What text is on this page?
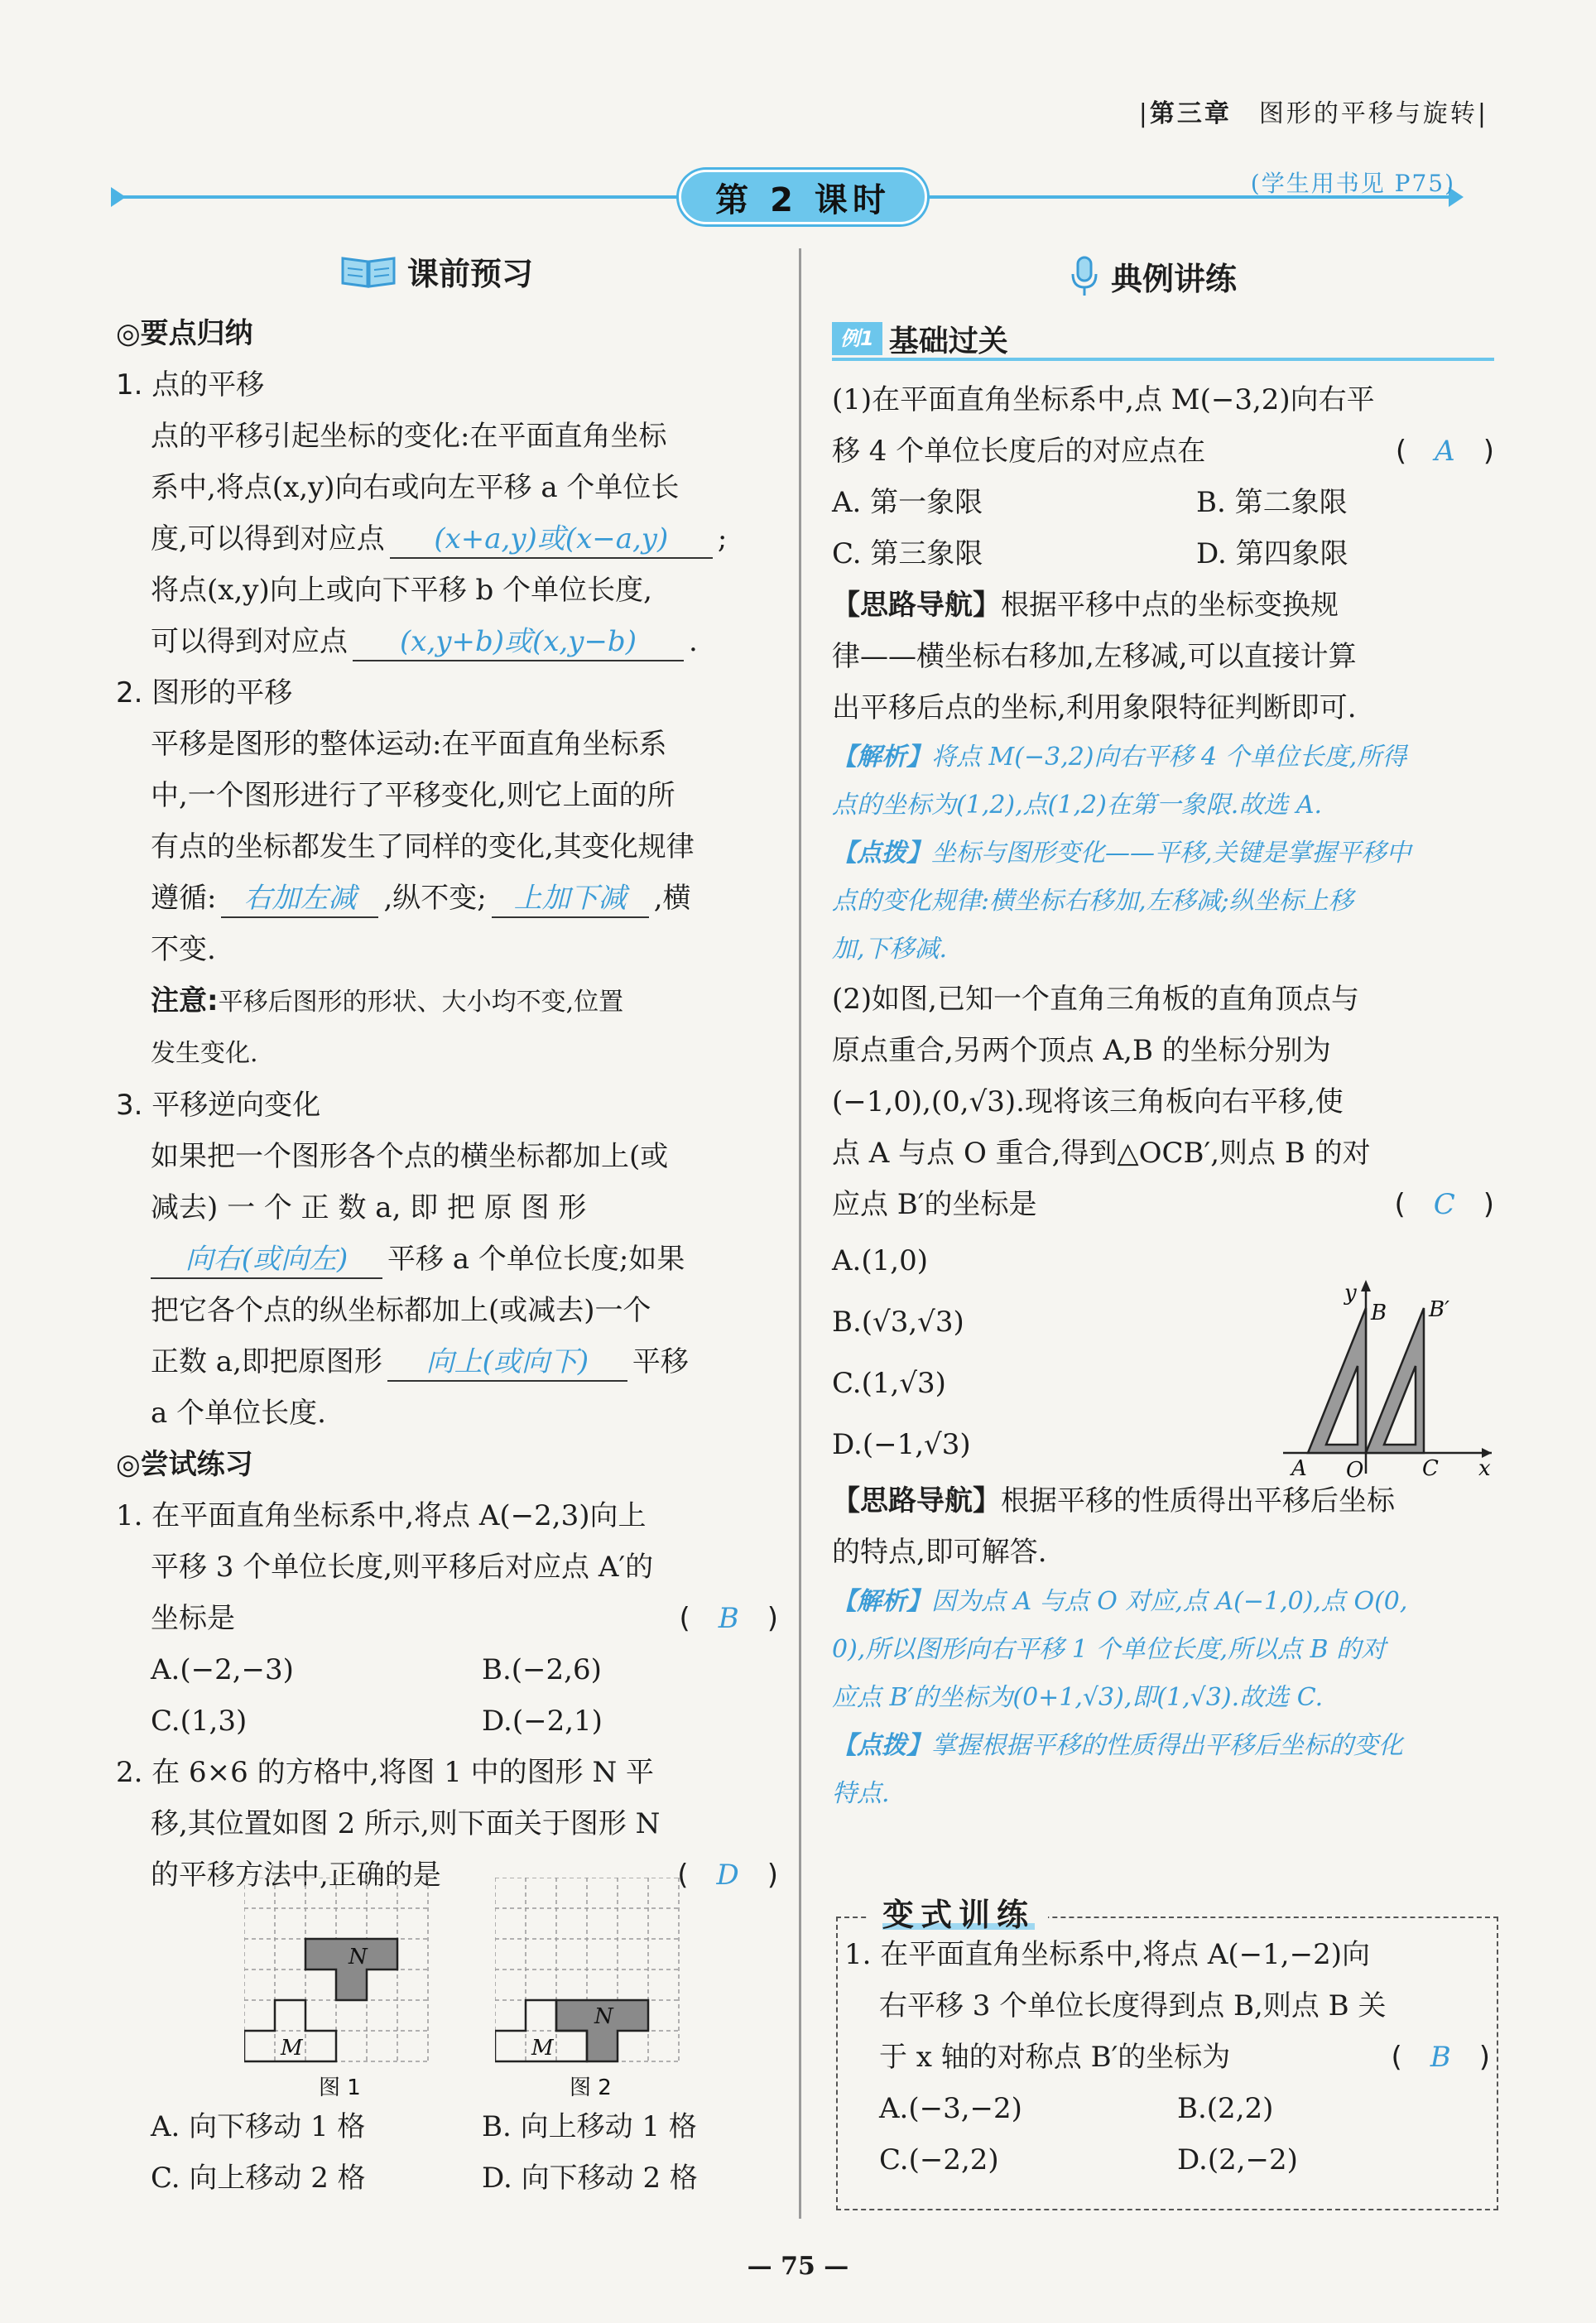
|第三章　 图形的平移与旋转|
第 2 课时	(学生用书见 P75)
课前预习
◎要点归纳
1. 点的平移
点的平移引起坐标的变化:在平面直角坐标
系中,将点(x,y)向右或向左平移 a 个单位长
度,可以得到对应点 (x+a,y)或(x−a,y) ;
将点(x,y)向上或向下平移 b 个单位长度,
可以得到对应点 (x,y+b)或(x,y−b) .
2. 图形的平移
平移是图形的整体运动:在平面直角坐标系
中,一个图形进行了平移变化,则它上面的所
有点的坐标都发生了同样的变化,其变化规律
遵循: 右加左减 ,纵不变; 上加下减 ,横
不变.
注意:平移后图形的形状、大小均不变,位置
发生变化.
3. 平移逆向变化
如果把一个图形各个点的横坐标都加上(或
减去) 一 个 正 数 a, 即 把 原 图 形
向右(或向左) 平移 a 个单位长度;如果
把它各个点的纵坐标都加上(或减去)一个
正数 a,即把原图形 向上(或向下) 平移
a 个单位长度.
◎尝试练习
1. 在平面直角坐标系中,将点 A(−2,3)向上
平移 3 个单位长度,则平移后对应点 A′的
坐标是	(　B　)
A.(−2,−3)	B.(−2,6)
C.(1,3)	D.(−2,1)
2. 在 6×6 的方格中,将图 1 中的图形 N 平
移,其位置如图 2 所示,则下面关于图形 N
的平移方法中,正确的是	(　D　)
N
M
图 1
N
M
图 2
A. 向下移动 1 格	B. 向上移动 1 格
C. 向上移动 2 格	D. 向下移动 2 格
典例讲练
例1 基础过关
(1)在平面直角坐标系中,点 M(−3,2)向右平
移 4 个单位长度后的对应点在	(　A　)
A. 第一象限	B. 第二象限
C. 第三象限	D. 第四象限
【思路导航】根据平移中点的坐标变换规
律——横坐标右移加,左移减,可以直接计算
出平移后点的坐标,利用象限特征判断即可.
【解析】将点 M(−3,2)向右平移 4 个单位长度,所得
点的坐标为(1,2),点(1,2)在第一象限.故选 A.
【点拨】坐标与图形变化——平移,关键是掌握平移中
点的变化规律:横坐标右移加,左移减;纵坐标上移
加,下移减.
(2)如图,已知一个直角三角板的直角顶点与
原点重合,另两个顶点 A,B 的坐标分别为
(−1,0),(0,√3).现将该三角板向右平移,使
点 A 与点 O 重合,得到△OCB′,则点 B 的对
应点 B′的坐标是	(　C　)
A.(1,0)
B.(√3,√3)
C.(1,√3)
D.(−1,√3)
【思路导航】根据平移的性质得出平移后坐标
的特点,即可解答.
【解析】因为点 A 与点 O 对应,点 A(−1,0),点 O(0,
0),所以图形向右平移 1 个单位长度,所以点 B 的对
应点 B′的坐标为(0+1,√3),即(1,√3).故选 C.
【点拨】掌握根据平移的性质得出平移后坐标的变化
特点.
y
x
B B′
A O	C
变式训练
1. 在平面直角坐标系中,将点 A(−1,−2)向
右平移 3 个单位长度得到点 B,则点 B 关
于 x 轴的对称点 B′的坐标为	(　B　)
A.(−3,−2)	B.(2,2)
C.(−2,2)	D.(2,−2)
— 75 —
